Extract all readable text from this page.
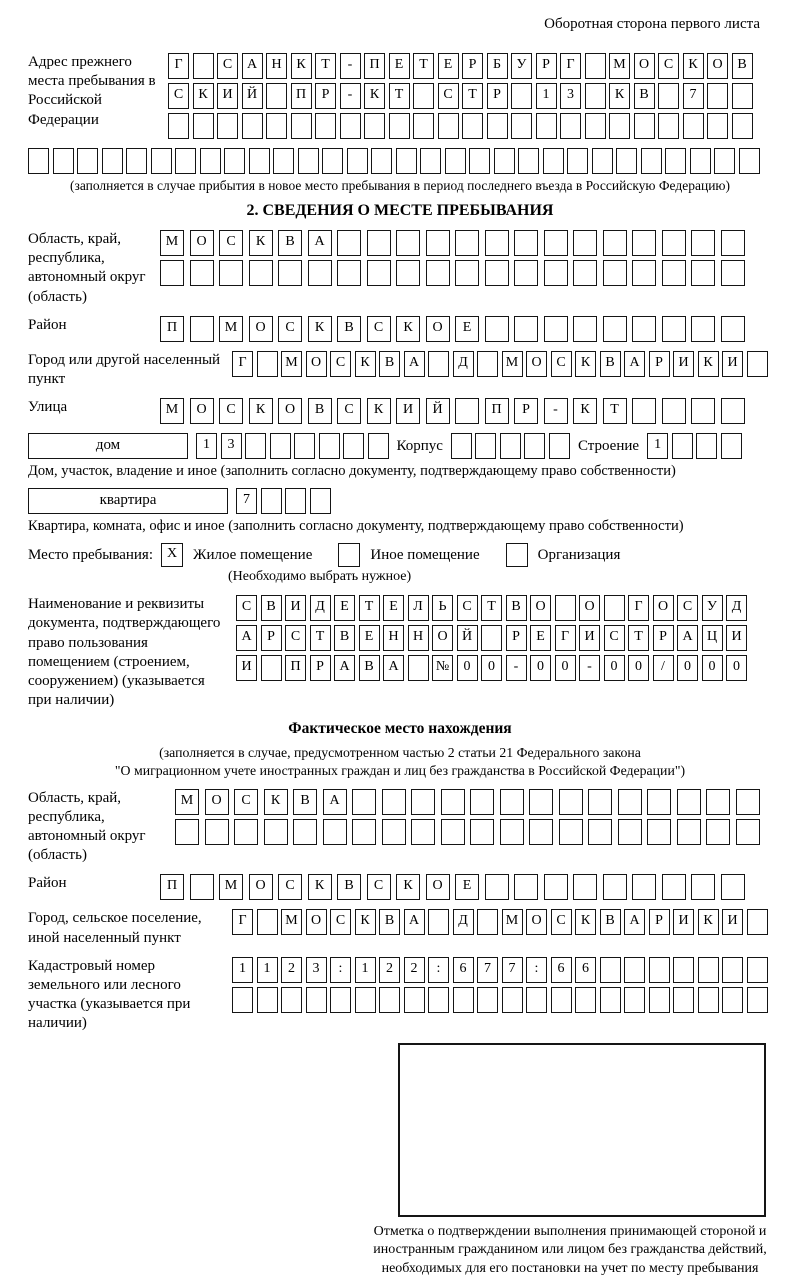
Оборотная сторона первого листа
Адрес прежнего места пребывания в Российской Федерации
Г	С	А	Н	К	Т	-	П	Е	Т	Е	Р	Б	У	Р	Г	М О	С	К	О	В
С	К	И	Й	П	Р	-	К	Т	С	Т	Р	1	3	К	В	7
(заполняется в случае прибытия в новое место пребывания в период последнего въезда в Российскую Федерацию)
2. СВЕДЕНИЯ О МЕСТЕ ПРЕБЫВАНИЯ
Область, край, республика, автономный округ (область)
М	О	С	К	В	А
Район	П	М	О	С	К	В	С	К	О	Е
Город или другой населенный пункт
Г	М О	С	К	В	А	Д	М О	С	К	В	А	Р	И	К	И
Улица	М	О	С	К	О	В	С	К	И	Й	П	Р	-	К	Т
дом	1	3	Корпус	Строение	1
Дом, участок, владение и иное (заполнить согласно документу, подтверждающему право собственности)
квартира	7
Квартира, комната, офис и иное (заполнить согласно документу, подтверждающему право собственности)
Место пребывания: X	Жилое помещение	Иное помещение	Организация
(Необходимо выбрать нужное)
Наименование и реквизиты документа, подтверждающего право пользования помещением (строением, сооружением) (указывается при наличии)
С	В	И	Д	Е	Т	Е	Л	Ь	С	Т	В	О	О	Г	О	С	У	Д
А	Р	С	Т	В	Е	Н	Н	О	Й	Р	Е	Г	И	С	Т	Р	А	Ц	И
И	П	Р	А	В	А	№	0	0	-	0	0	-	0	0	/	0	0	0
Фактическое место нахождения
(заполняется в случае, предусмотренном частью 2 статьи 21 Федерального закона
"О миграционном учете иностранных граждан и лиц без гражданства в Российской Федерации")
Область, край, республика, автономный округ (область)
М	О	С	К	В	А
Район	П	М	О	С	К	В	С	К	О	Е
Город, сельское поселение, иной населенный пункт
Г	М О	С	К	В	А	Д	М О	С	К	В	А	Р	И	К	И
Кадастровый номер земельного или лесного участка (указывается при наличии)
1	1	2	3	:	1	2	2	:	6	7	7	:	6	6
Отметка о подтверждении выполнения принимающей стороной и иностранным гражданином или лицом без гражданства действий, необходимых для его постановки на учет по месту пребывания
